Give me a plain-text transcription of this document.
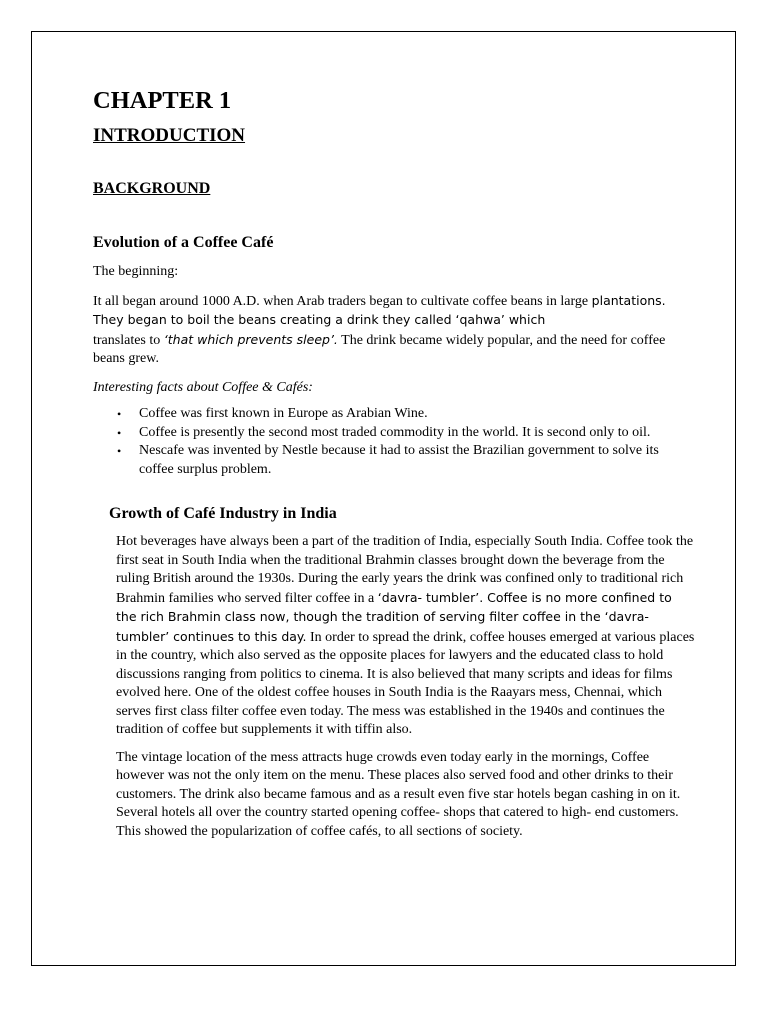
CHAPTER 1
INTRODUCTION
BACKGROUND
Evolution of a Coffee Café

The beginning:

It all began around 1000 A.D. when Arab traders began to cultivate coffee beans in large plantations. They began to boil the beans creating a drink they called ‘qahwa’ which
translates to ‘that which prevents sleep’. The drink became widely popular, and the need for coffee beans grew.

Interesting facts about Coffee & Cafés:

• Coffee was first known in Europe as Arabian Wine.
• Coffee is presently the second most traded commodity in the world. It is second only to oil.
• Nescafe was invented by Nestle because it had to assist the Brazilian government to solve its coffee surplus problem.
Growth of Café Industry in India

Hot beverages have always been a part of the tradition of India, especially South India. Coffee took the first seat in South India when the traditional Brahmin classes brought down the beverage from the ruling British around the 1930s. During the early years the drink was confined only to traditional rich Brahmin families who served filter coffee in a ‘davra- tumbler’. Coffee is no more confined to the rich Brahmin class now, though the tradition of serving filter coffee in the ‘davra- tumbler’ continues to this day. In order to spread the drink, coffee houses emerged at various places in the country, which also served as the opposite places for lawyers and the educated class to hold discussions ranging from politics to cinema. It is also believed that many scripts and ideas for films evolved here. One of the oldest coffee houses in South India is the Raayars mess, Chennai, which serves first class filter coffee even today. The mess was established in the 1940s and continues the tradition of coffee but supplements it with tiffin also.

The vintage location of the mess attracts huge crowds even today early in the mornings, Coffee however was not the only item on the menu. These places also served food and other drinks to their customers. The drink also became famous and as a result even five star hotels began cashing in on it. Several hotels all over the country started opening coffee- shops that catered to high- end customers. This showed the popularization of coffee cafés, to all sections of society.
